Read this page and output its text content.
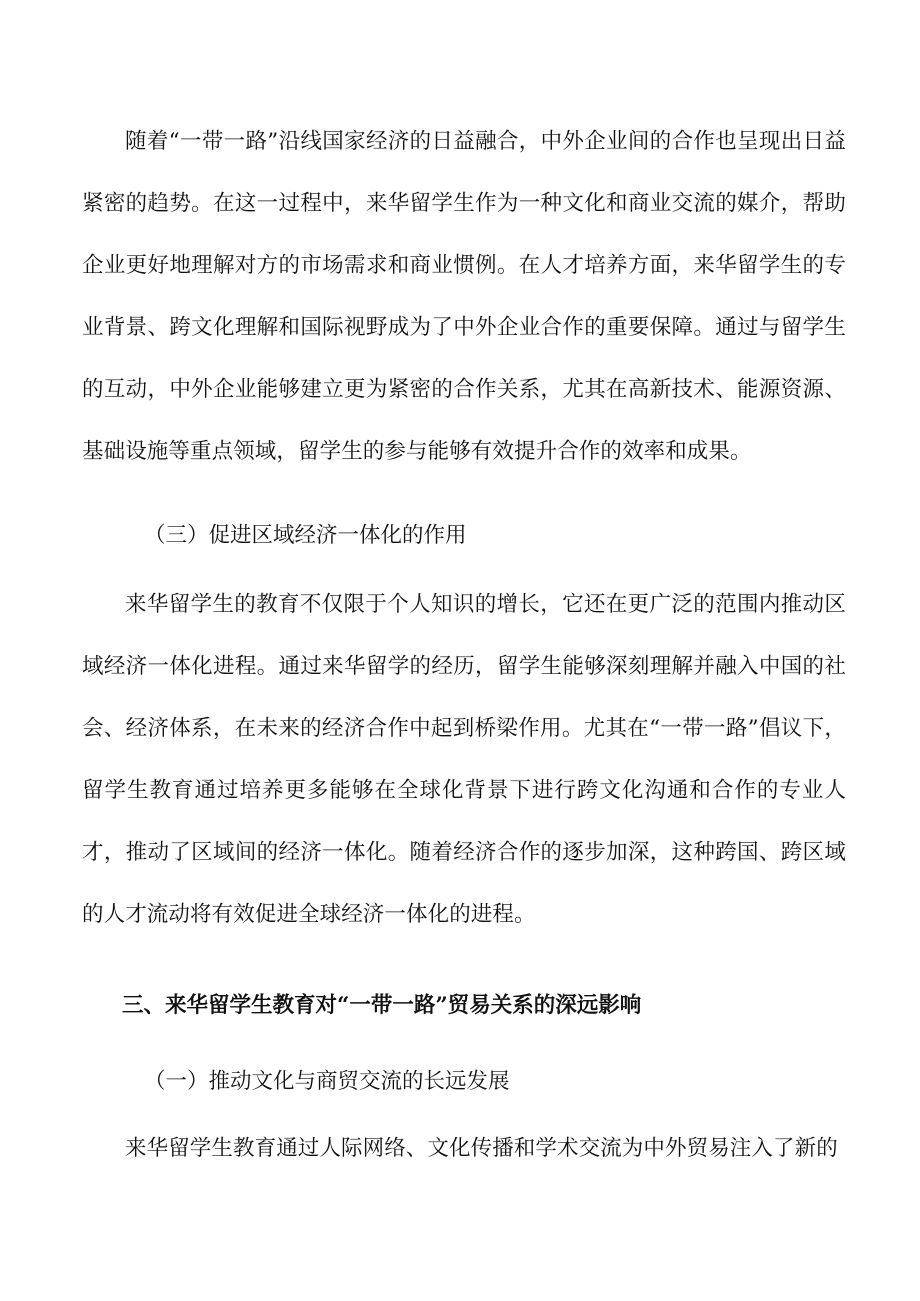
随着“一带一路”沿线国家经济的日益融合，中外企业间的合作也呈现出日益紧密的趋势。在这一过程中，来华留学生作为一种文化和商业交流的媒介，帮助企业更好地理解对方的市场需求和商业惯例。在人才培养方面，来华留学生的专业背景、跨文化理解和国际视野成为了中外企业合作的重要保障。通过与留学生的互动，中外企业能够建立更为紧密的合作关系，尤其在高新技术、能源资源、基础设施等重点领域，留学生的参与能够有效提升合作的效率和成果。

（三）促进区域经济一体化的作用

来华留学生的教育不仅限于个人知识的增长，它还在更广泛的范围内推动区域经济一体化进程。通过来华留学的经历，留学生能够深刻理解并融入中国的社会、经济体系，在未来的经济合作中起到桥梁作用。尤其在“一带一路”倡议下，留学生教育通过培养更多能够在全球化背景下进行跨文化沟通和合作的专业人才，推动了区域间的经济一体化。随着经济合作的逐步加深，这种跨国、跨区域的人才流动将有效促进全球经济一体化的进程。

三、来华留学生教育对“一带一路”贸易关系的深远影响

（一）推动文化与商贸交流的长远发展

来华留学生教育通过人际网络、文化传播和学术交流为中外贸易注入了新的
